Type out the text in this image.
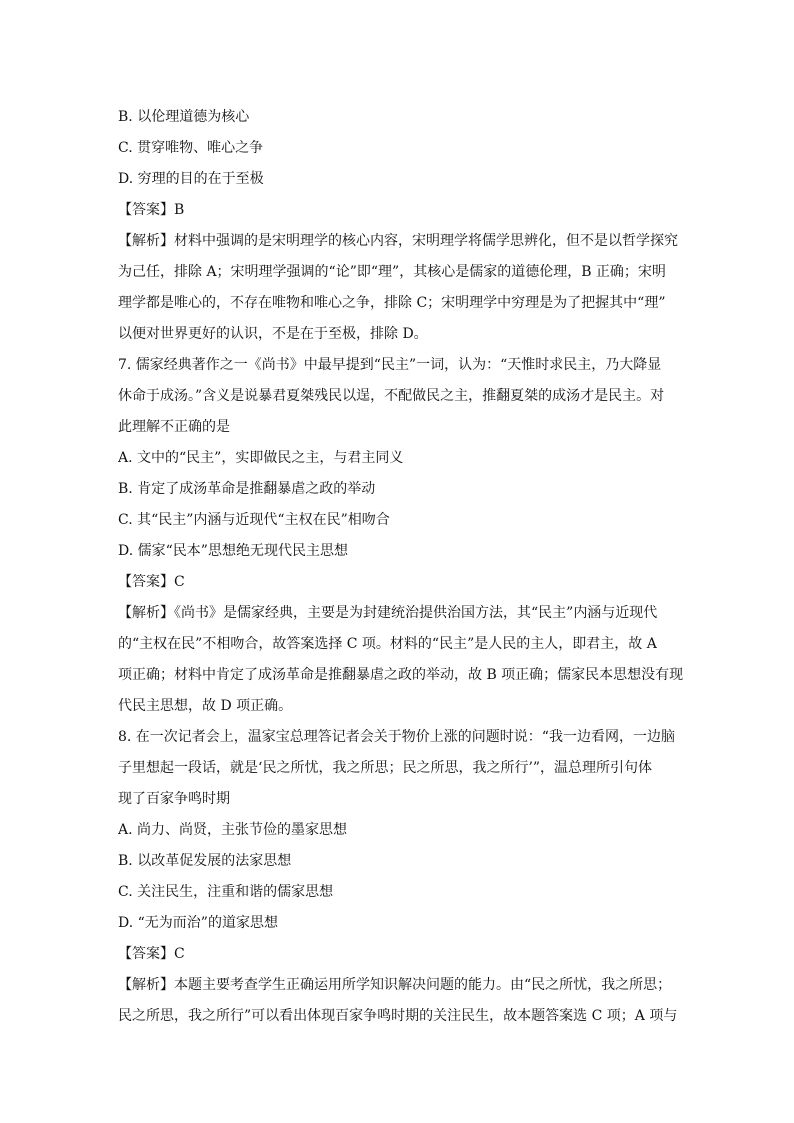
B. 以伦理道德为核心
C. 贯穿唯物、唯心之争
D. 穷理的目的在于至极
【答案】B
【解析】材料中强调的是宋明理学的核心内容，宋明理学将儒学思辨化，但不是以哲学探究
为己任，排除 A；宋明理学强调的“论”即“理”，其核心是儒家的道德伦理，B 正确；宋明
理学都是唯心的，不存在唯物和唯心之争，排除 C；宋明理学中穷理是为了把握其中“理”
以便对世界更好的认识，不是在于至极，排除 D。
7. 儒家经典著作之一《尚书》中最早提到“民主”一词，认为：“天惟时求民主，乃大降显
休命于成汤。”含义是说暴君夏桀残民以逞，不配做民之主，推翻夏桀的成汤才是民主。对
此理解不正确的是
A. 文中的“民主”，实即做民之主，与君主同义
B. 肯定了成汤革命是推翻暴虐之政的举动
C. 其“民主”内涵与近现代“主权在民”相吻合
D. 儒家“民本”思想绝无现代民主思想
【答案】C
【解析】《尚书》是儒家经典，主要是为封建统治提供治国方法，其“民主”内涵与近现代
的“主权在民”不相吻合，故答案选择 C 项。材料的“民主”是人民的主人，即君主，故 A
项正确；材料中肯定了成汤革命是推翻暴虐之政的举动，故 B 项正确；儒家民本思想没有现
代民主思想，故 D 项正确。
8. 在一次记者会上，温家宝总理答记者会关于物价上涨的问题时说：“我一边看网，一边脑
子里想起一段话，就是‘民之所忧，我之所思；民之所思，我之所行’”，温总理所引句体
现了百家争鸣时期
A. 尚力、尚贤，主张节俭的墨家思想
B. 以改革促发展的法家思想
C. 关注民生，注重和谐的儒家思想
D. “无为而治”的道家思想
【答案】C
【解析】本题主要考查学生正确运用所学知识解决问题的能力。由“民之所忧，我之所思；
民之所思，我之所行”可以看出体现百家争鸣时期的关注民生，故本题答案选 C 项；A 项与
